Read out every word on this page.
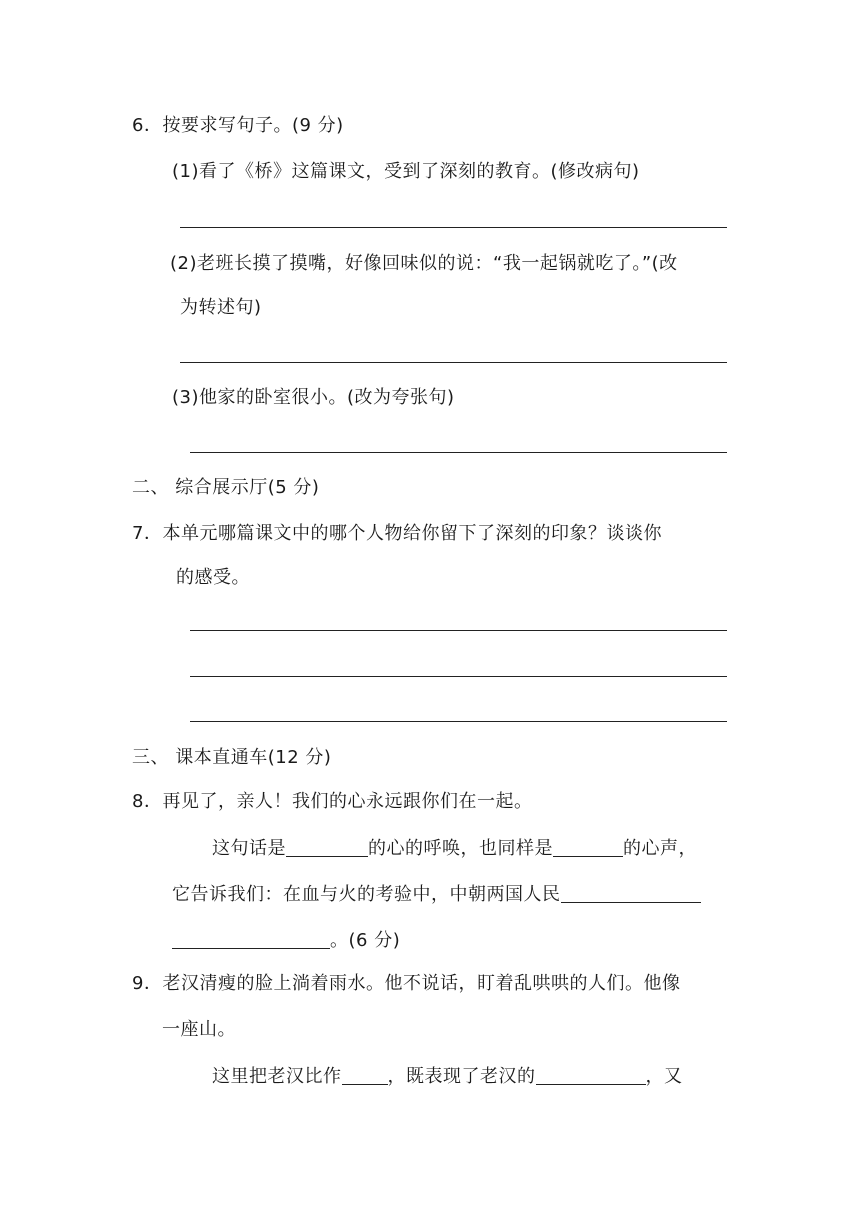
6．按要求写句子。(9 分)
(1)看了《桥》这篇课文，受到了深刻的教育。(修改病句)
(2)老班长摸了摸嘴，好像回味似的说：“我一起锅就吃了。”(改
为转述句)
(3)他家的卧室很小。(改为夸张句)
二、 综合展示厅(5 分)
7．本单元哪篇课文中的哪个人物给你留下了深刻的印象？谈谈你
的感受。
三、 课本直通车(12 分)
8．再见了，亲人！我们的心永远跟你们在一起。
这句话是	的心的呼唤，也同样是	的心声，
它告诉我们：在血与火的考验中，中朝两国人民
。(6 分)
9．老汉清瘦的脸上淌着雨水。他不说话，盯着乱哄哄的人们。他像
一座山。
这里把老汉比作	，既表现了老汉的	，又
